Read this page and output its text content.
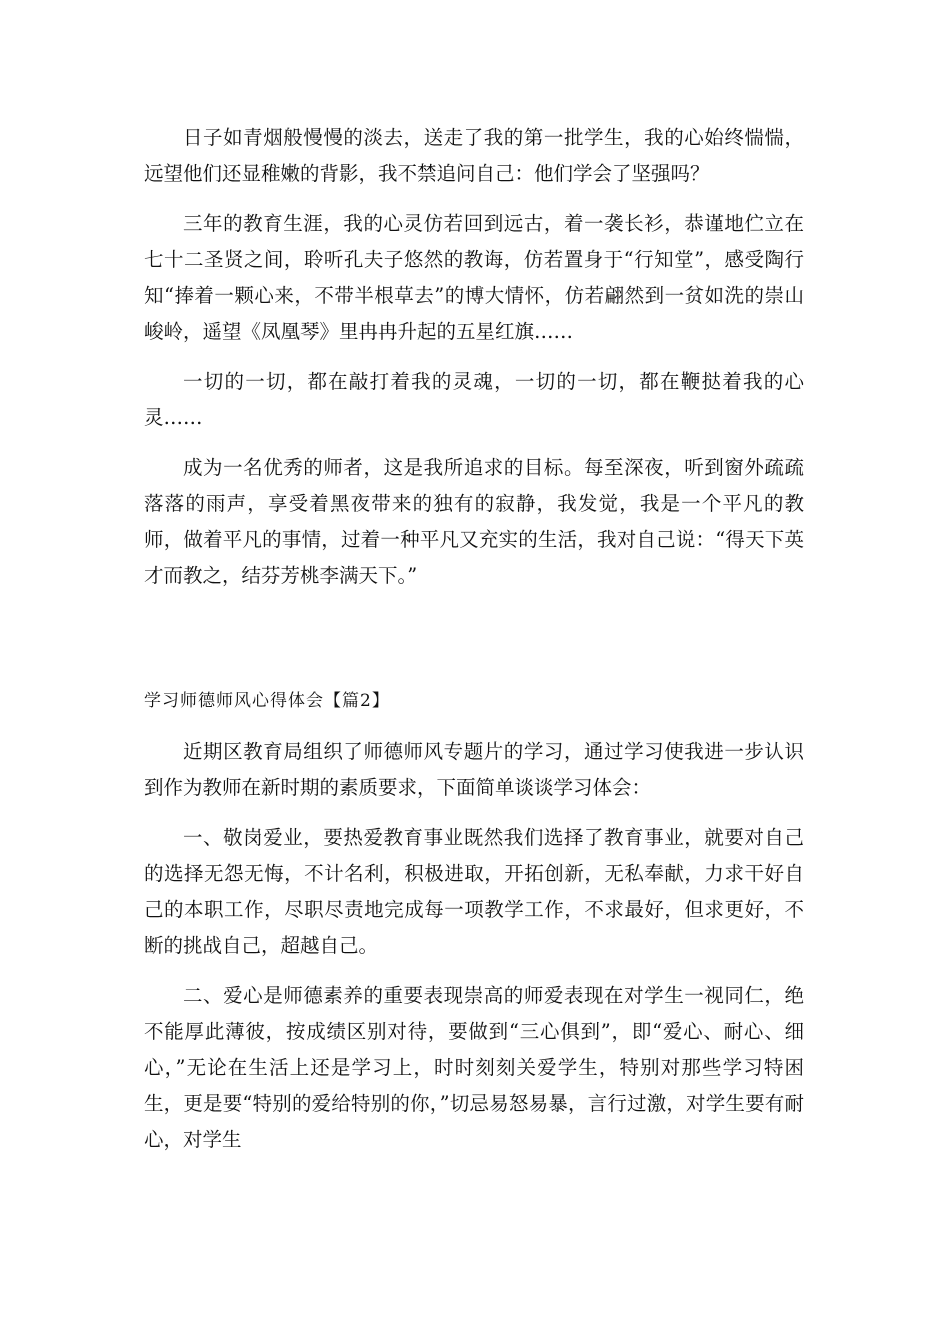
日子如青烟般慢慢的淡去，送走了我的第一批学生，我的心始终惴惴，远望他们还显稚嫩的背影，我不禁追问自己：他们学会了坚强吗？

三年的教育生涯，我的心灵仿若回到远古，着一袭长衫，恭谨地伫立在七十二圣贤之间，聆听孔夫子悠然的教诲，仿若置身于“行知堂”，感受陶行知“捧着一颗心来，不带半根草去”的博大情怀，仿若翩然到一贫如洗的崇山峻岭，遥望《凤凰琴》里冉冉升起的五星红旗……

一切的一切，都在敲打着我的灵魂，一切的一切，都在鞭挞着我的心灵……

成为一名优秀的师者，这是我所追求的目标。每至深夜，听到窗外疏疏落落的雨声，享受着黑夜带来的独有的寂静，我发觉，我是一个平凡的教师，做着平凡的事情，过着一种平凡又充实的生活，我对自己说：“得天下英才而教之，结芬芳桃李满天下。”

学习师德师风心得体会【篇2】

近期区教育局组织了师德师风专题片的学习，通过学习使我进一步认识到作为教师在新时期的素质要求，下面简单谈谈学习体会：

一、敬岗爱业，要热爱教育事业既然我们选择了教育事业，就要对自己的选择无怨无悔，不计名利，积极进取，开拓创新，无私奉献，力求干好自己的本职工作，尽职尽责地完成每一项教学工作，不求最好，但求更好，不断的挑战自己，超越自己。

二、爱心是师德素养的重要表现崇高的师爱表现在对学生一视同仁，绝不能厚此薄彼，按成绩区别对待，要做到“三心俱到”，即“爱心、耐心、细心，”无论在生活上还是学习上，时时刻刻关爱学生，特别对那些学习特困生，更是要“特别的爱给特别的你，”切忌易怒易暴，言行过激，对学生要有耐心，对学生
